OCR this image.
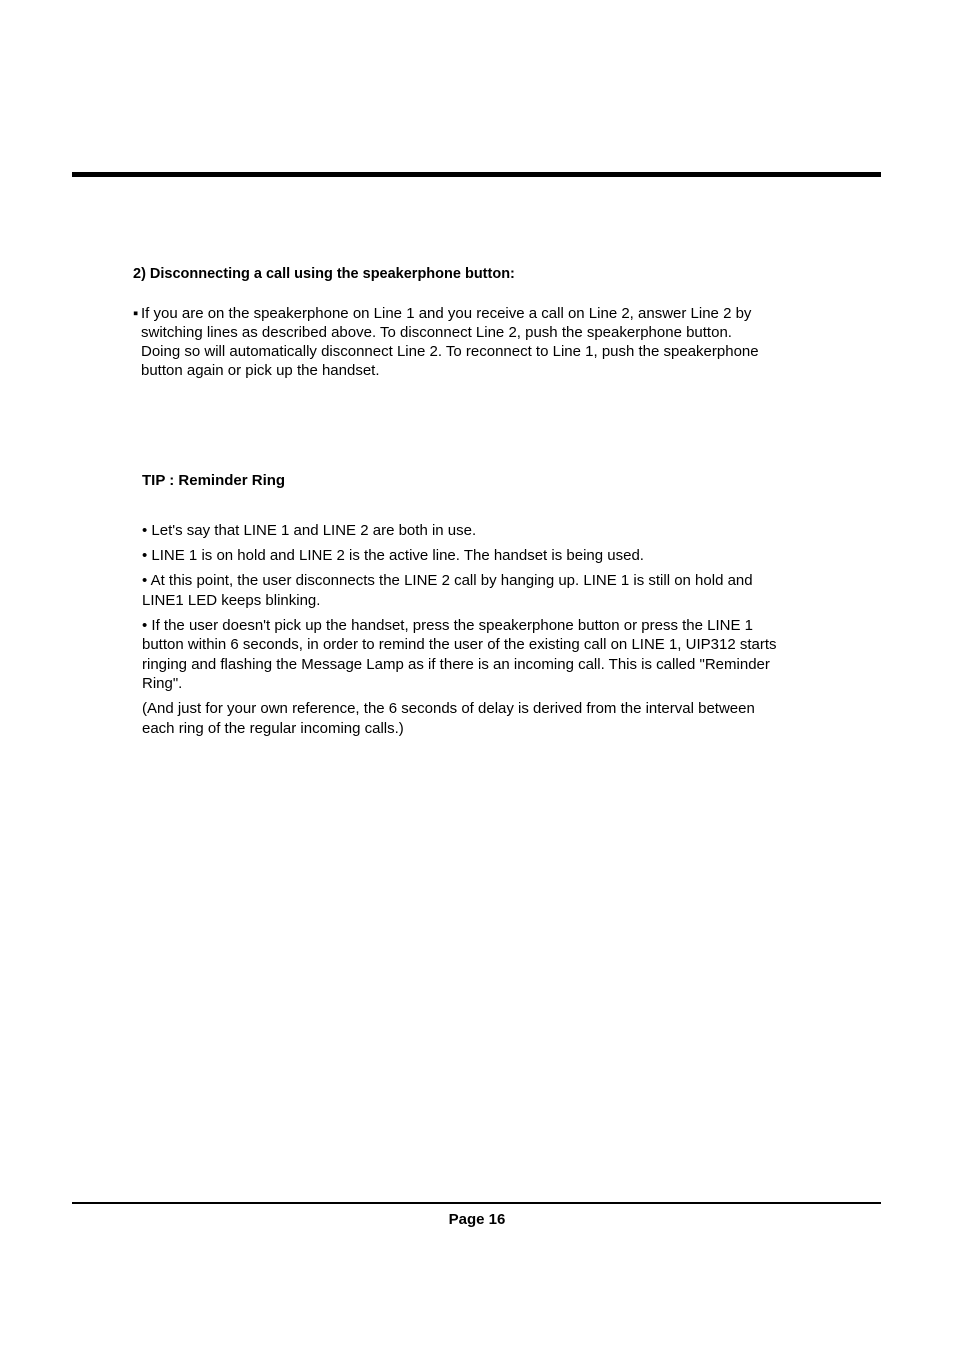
2) Disconnecting a call using the speakerphone button:
▪ If you are on the speakerphone on Line 1 and you receive a call on Line 2, answer Line 2 by
switching lines as described above. To disconnect Line 2, push the speakerphone button.
Doing so will automatically disconnect Line 2. To reconnect to Line 1, push the speakerphone
button again or pick up the handset.
TIP : Reminder Ring
• Let's say that LINE 1 and LINE 2 are both in use.
• LINE 1 is on hold and LINE 2 is the active line. The handset is being used.
• At this point, the user disconnects the LINE 2 call by hanging up. LINE 1 is still on hold and
LINE1 LED keeps blinking.
• If the user doesn't pick up the handset, press the speakerphone button or press the LINE 1
button within 6 seconds, in order to remind the user of the existing call on LINE 1, UIP312 starts
ringing and flashing the Message Lamp as if there is an incoming call. This is called "Reminder
Ring".
(And just for your own reference, the 6 seconds of delay is derived from the interval between
each ring of the regular incoming calls.)
Page 16
